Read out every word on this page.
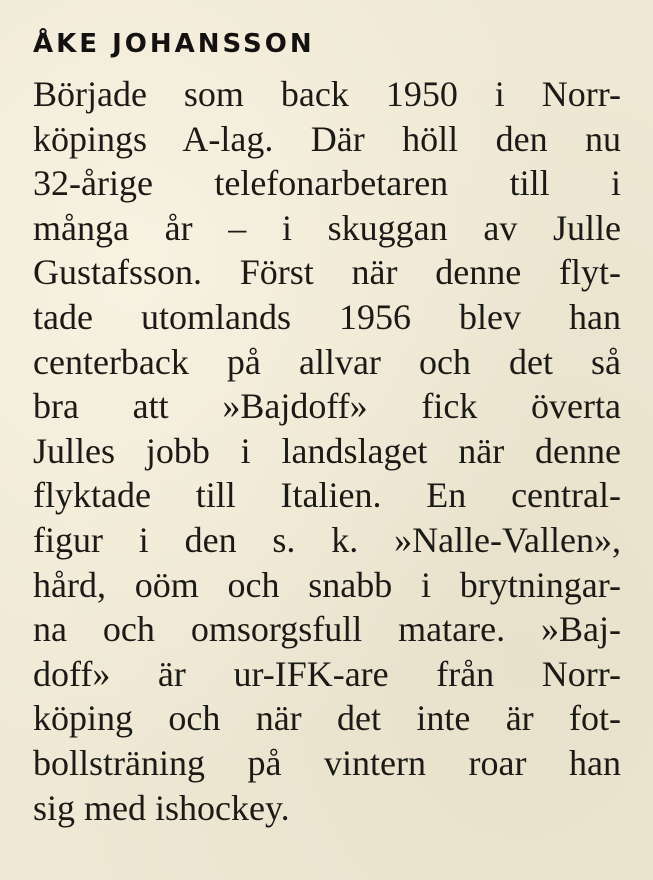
ÅKE JOHANSSON
Började som back 1950 i Norr-
köpings A-lag. Där höll den nu
32-årige telefonarbetaren till i
många år – i skuggan av Julle
Gustafsson. Först när denne flyt-
tade utomlands 1956 blev han
centerback på allvar och det så
bra att »Bajdoff» fick överta
Julles jobb i landslaget när denne
flyktade till Italien. En central-
figur i den s. k. »Nalle-Vallen»,
hård, oöm och snabb i brytningar-
na och omsorgsfull matare. »Baj-
doff» är ur-IFK-are från Norr-
köping och när det inte är fot-
bollsträning på vintern roar han
sig med ishockey.
